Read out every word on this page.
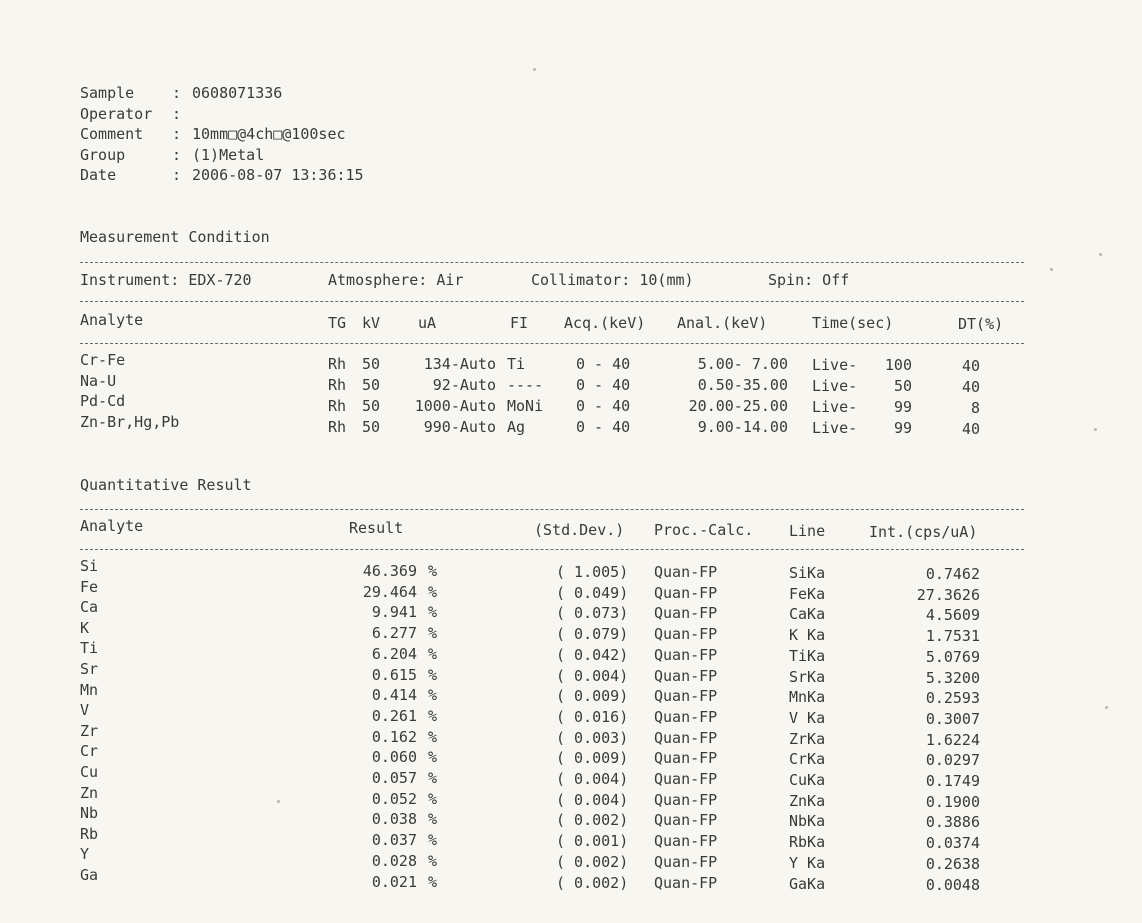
Sample	: 0608071336
Operator :
Comment : 10mm□@4ch□@100sec
Group	: (1)Metal
Date	: 2006-08-07 13:36:15
Measurement Condition
Instrument: EDX-720	Atmosphere: Air	Collimator: 10(mm)	Spin: Off
Analyte	TG kV	uA	FI Acq.(keV) Anal.(keV)	Time(sec)	DT(%)
Cr-Fe	Rh 50	134-Auto Ti	0 - 40	5.00- 7.00 Live-	100	40
Na-U	Rh 50	92-Auto ---- 0 - 40	0.50-35.00 Live-	50	40
Pd-Cd	Rh 50	1000-Auto MoNi 0 - 40	20.00-25.00 Live-	99	8
Zn-Br,Hg,Pb	Rh 50	990-Auto Ag	0 - 40	9.00-14.00 Live-	99	40
Quantitative Result
Analyte	Result	(Std.Dev.) Proc.-Calc. Line	Int.(cps/uA)
Si	46.369 %	( 1.005) Quan-FP	SiKa	0.7462
Fe	29.464 %	( 0.049) Quan-FP	FeKa	27.3626
Ca	9.941 %	( 0.073) Quan-FP	CaKa	4.5609
K	6.277 %	( 0.079) Quan-FP	K Ka	1.7531
Ti	6.204 %	( 0.042) Quan-FP	TiKa	5.0769
Sr	0.615 %	( 0.004) Quan-FP	SrKa	5.3200
Mn	0.414 %	( 0.009) Quan-FP	MnKa	0.2593
V	0.261 %	( 0.016) Quan-FP	V Ka	0.3007
Zr	0.162 %	( 0.003) Quan-FP	ZrKa	1.6224
Cr	0.060 %	( 0.009) Quan-FP	CrKa	0.0297
Cu	0.057 %	( 0.004) Quan-FP	CuKa	0.1749
Zn	0.052 %	( 0.004) Quan-FP	ZnKa	0.1900
Nb	0.038 %	( 0.002) Quan-FP	NbKa	0.3886
Rb	0.037 %	( 0.001) Quan-FP	RbKa	0.0374
Y	0.028 %	( 0.002) Quan-FP	Y Ka	0.2638
Ga	0.021 %	( 0.002) Quan-FP	GaKa	0.0048
